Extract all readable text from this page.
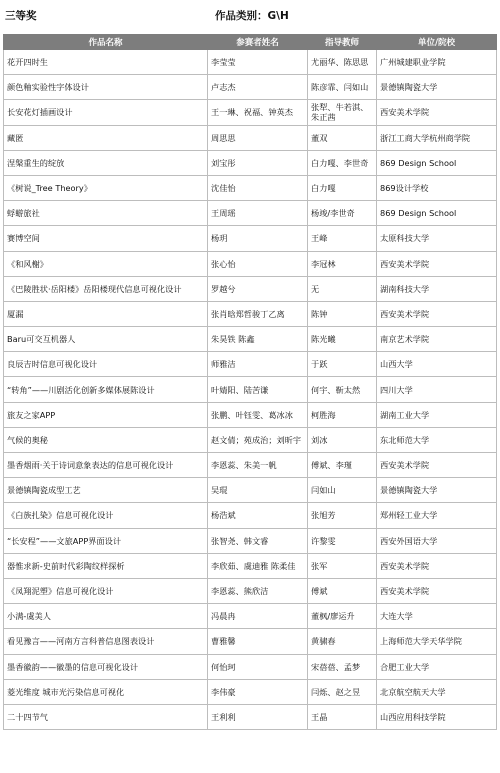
三等奖	作品类别：G\H
作品名称	参赛者姓名	指导教师	单位/院校
花开四时生	李莹莹	尤丽华、陈思思	广州城建职业学院
颜色釉实验性字体设计	卢志杰	陈彦霏、闫如山	景德镇陶瓷大学
长安花灯插画设计	王一琳、祝福、钟英杰	张犁、牛若淇、朱正茜	西安美术学院
藏匿	周思思	董双	浙江工商大学杭州商学院
涅槃重生的绽放	刘宝彤	白力嘎、李世奇	869 Design School
《树说_Tree Theory》	沈佳怡	白力嘎	869设计学校
蜉蝣旅社	王周瑶	杨竣/李世奇	869 Design School
赛博空间	杨玥	王峰	太原科技大学
《和风榭》	张心怡	李冠林	西安美术学院
《巴陵胜状·岳阳楼》岳阳楼现代信息可视化设计	罗越兮	无	湖南科技大学
厦漏	张肖晗郑哲骏丁乙离	陈钟	西安美术学院
Baru可交互机器人	朱昊铁 陈鑫	陈光曦	南京艺术学院
良辰吉时信息可视化设计	师雅洁	于跃	山西大学
“转角”——川剧活化创新多媒体展陈设计	叶婧阳、陆苦谦	何宇、靳太然	四川大学
旅友之家APP	张鹏、叶钰雯、葛冰冰	柯胜海	湖南工业大学
气候的奥秘	赵文倩；苑成治；刘昕宇	刘冰	东北师范大学
墨香烟雨·关于诗词意象表达的信息可视化设计	李恩蕊、朱美一帆	傅斌、李瑾	西安美术学院
景德镇陶瓷成型工艺	吴琨	闫如山	景德镇陶瓷大学
《白族扎染》信息可视化设计	杨浩斌	张旭芳	郑州轻工业大学
“长安程”——文旅APP界面设计	张智尧、韩文睿	许黎雯	西安外国语大学
器惟求新-史前时代彩陶纹样探析	李欣茹、虞迪雅 陈柔佳	张军	西安美术学院
《凤翔泥塑》信息可视化设计	李恩蕊、熊欣洁	傅斌	西安美术学院
小满-虞美人	冯晨冉	董枫/廖运升	大连大学
看见豫言——河南方言科普信息图表设计	曹雅馨	黄骕春	上海师范大学天华学院
墨香徽韵——徽墨的信息可视化设计	何怡珂	宋蓓蓓、孟梦	合肥工业大学
菱光维度 城市光污染信息可视化	李伟豪	闫烁、赵之昱	北京航空航天大学
二十四节气	王利利	王晶	山西应用科技学院
